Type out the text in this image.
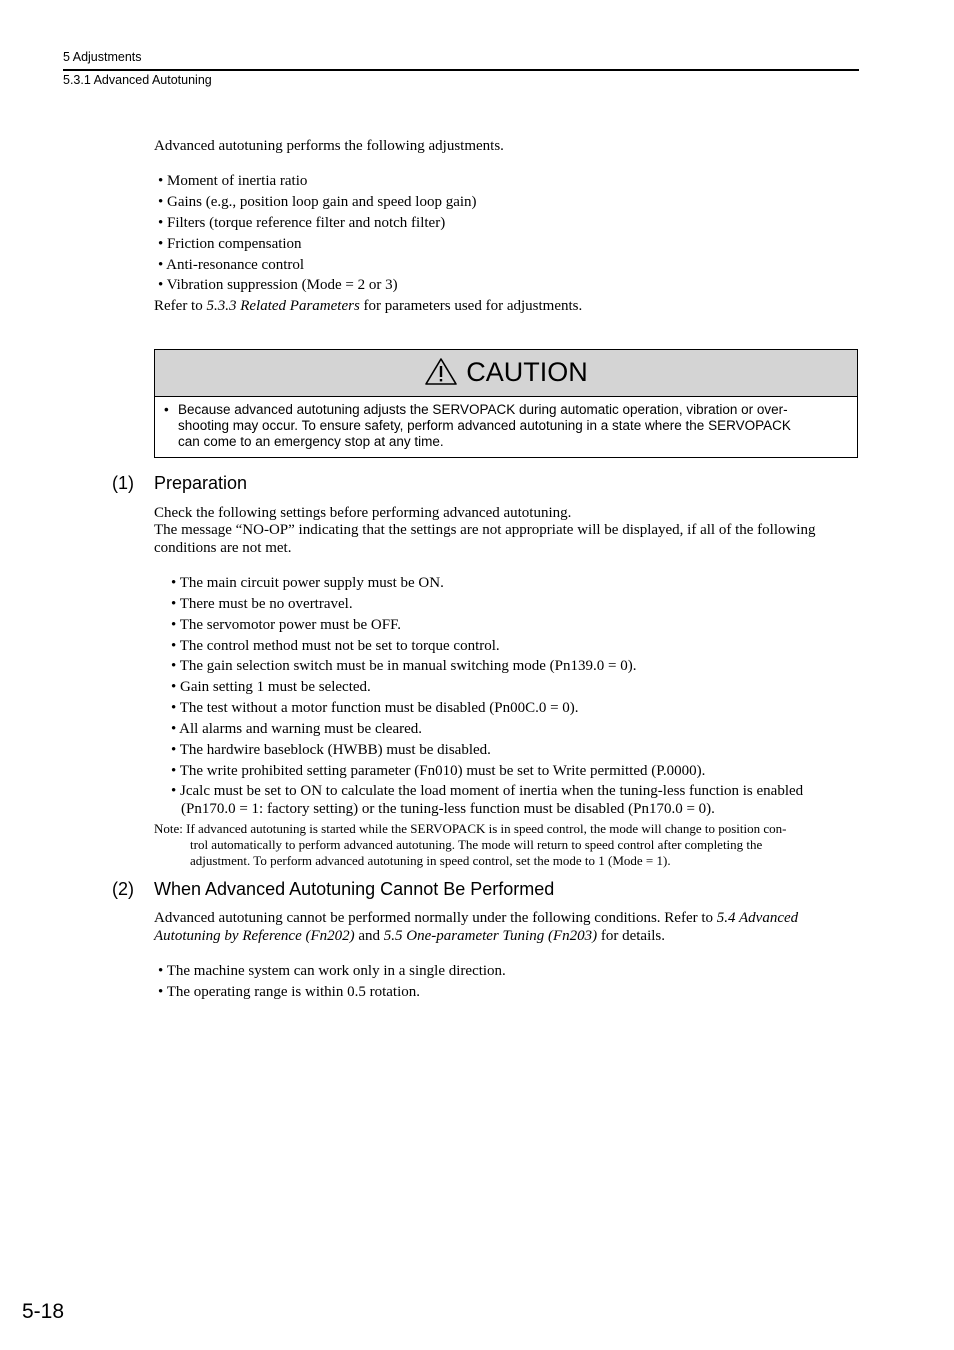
5 Adjustments
5.3.1 Advanced Autotuning
Advanced autotuning performs the following adjustments.
• Moment of inertia ratio
• Gains (e.g., position loop gain and speed loop gain)
• Filters (torque reference filter and notch filter)
• Friction compensation
• Anti-resonance control
• Vibration suppression (Mode = 2 or 3)
Refer to 5.3.3 Related Parameters for parameters used for adjustments.
CAUTION
• Because advanced autotuning adjusts the SERVOPACK during automatic operation, vibration or over-
shooting may occur. To ensure safety, perform advanced autotuning in a state where the SERVOPACK
can come to an emergency stop at any time.
(1) Preparation
Check the following settings before performing advanced autotuning.
The message “NO-OP” indicating that the settings are not appropriate will be displayed, if all of the following
conditions are not met.
• The main circuit power supply must be ON.
• There must be no overtravel.
• The servomotor power must be OFF.
• The control method must not be set to torque control.
• The gain selection switch must be in manual switching mode (Pn139.0 = 0).
• Gain setting 1 must be selected.
• The test without a motor function must be disabled (Pn00C.0 = 0).
• All alarms and warning must be cleared.
• The hardwire baseblock (HWBB) must be disabled.
• The write prohibited setting parameter (Fn010) must be set to Write permitted (P.0000).
• Jcalc must be set to ON to calculate the load moment of inertia when the tuning-less function is enabled
(Pn170.0 = 1: factory setting) or the tuning-less function must be disabled (Pn170.0 = 0).
Note: If advanced autotuning is started while the SERVOPACK is in speed control, the mode will change to position con-
trol automatically to perform advanced autotuning. The mode will return to speed control after completing the
adjustment. To perform advanced autotuning in speed control, set the mode to 1 (Mode = 1).
(2) When Advanced Autotuning Cannot Be Performed
Advanced autotuning cannot be performed normally under the following conditions. Refer to 5.4 Advanced
Autotuning by Reference (Fn202) and 5.5 One-parameter Tuning (Fn203) for details.
• The machine system can work only in a single direction.
• The operating range is within 0.5 rotation.
5-18
